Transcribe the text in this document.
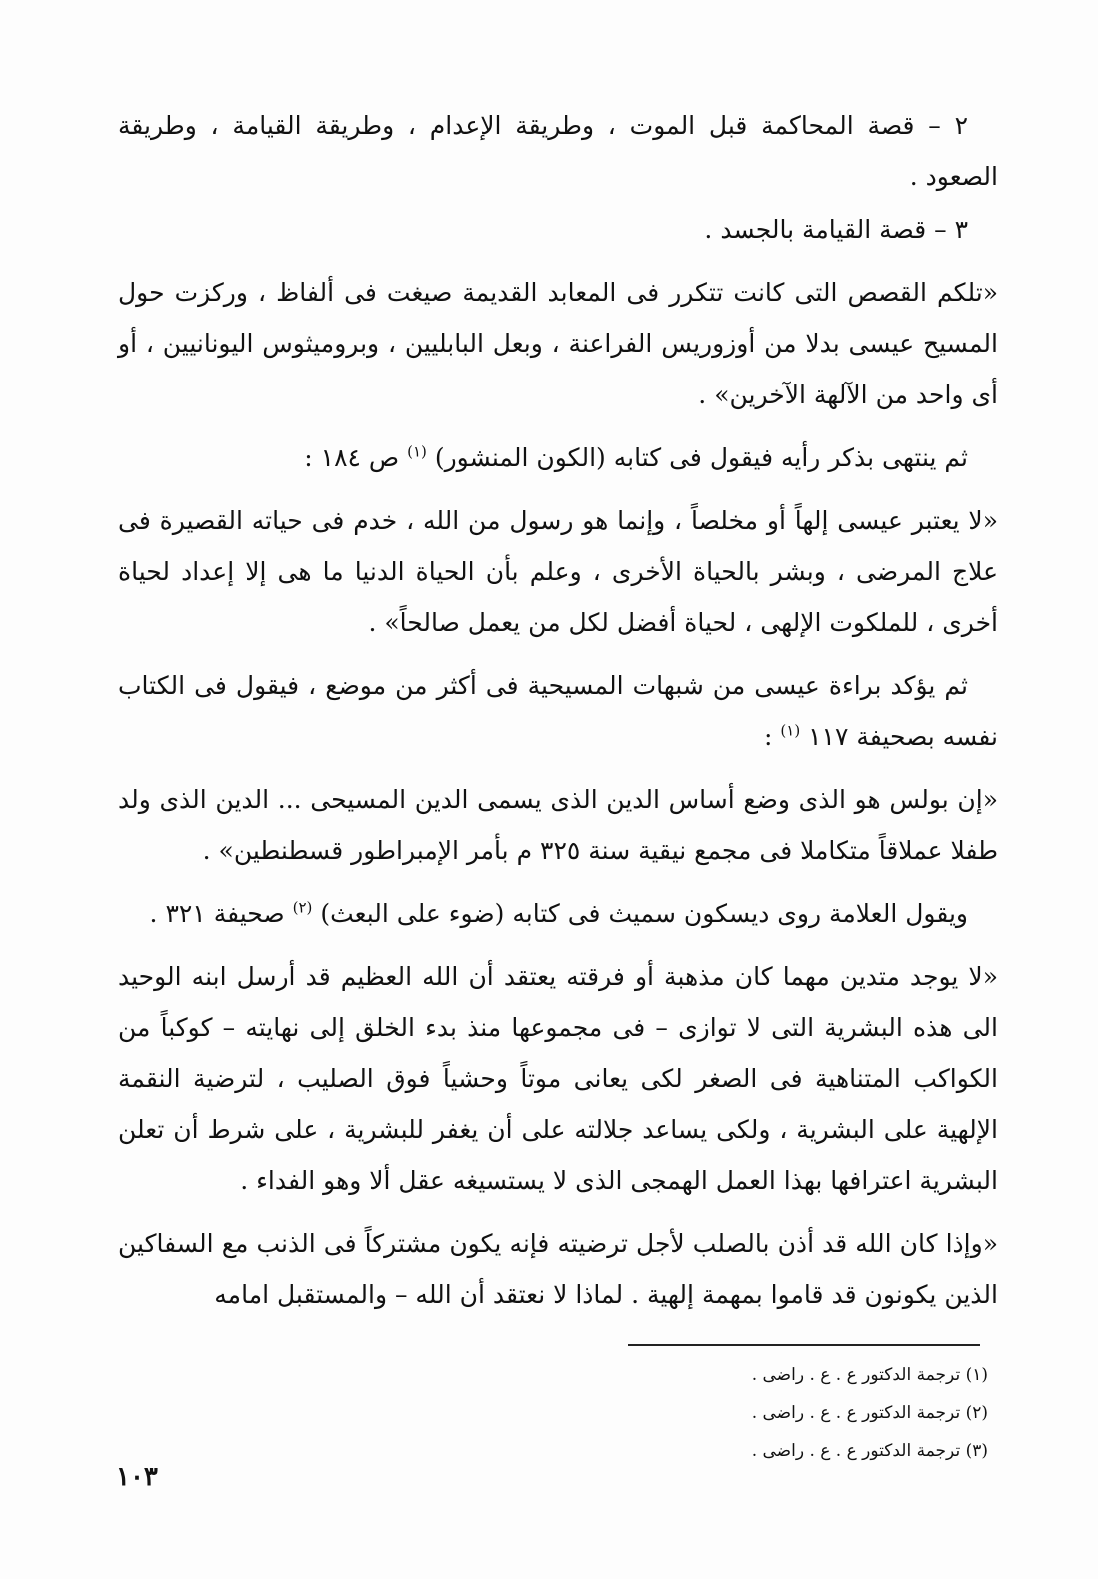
٢ – قصة المحاكمة قبل الموت ، وطريقة الإعدام ، وطريقة القيامة ، وطريقة الصعود .

٣ – قصة القيامة بالجسد .

«تلكم القصص التى كانت تتكرر فى المعابد القديمة صيغت فى ألفاظ ، وركزت حول المسيح عيسى بدلا من أوزوريس الفراعنة ، وبعل البابليين ، وبروميثوس اليونانيين ، أو أى واحد من الآلهة الآخرين» .

ثم ينتهى بذكر رأيه فيقول فى كتابه (الكون المنشور) $^{(١)}$ ص ١٨٤ :

«لا يعتبر عيسى إلهاً أو مخلصاً ، وإنما هو رسول من الله ، خدم فى حياته القصيرة فى علاج المرضى ، وبشر بالحياة الأخرى ، وعلم بأن الحياة الدنيا ما هى إلا إعداد لحياة أخرى ، للملكوت الإلهى ، لحياة أفضل لكل من يعمل صالحاً» .

ثم يؤكد براءة عيسى من شبهات المسيحية فى أكثر من موضع ، فيقول فى الكتاب نفسه بصحيفة ١١٧ $^{(١)}$ :

«إن بولس هو الذى وضع أساس الدين الذى يسمى الدين المسيحى ... الدين الذى ولد طفلا عملاقاً متكاملا فى مجمع نيقية سنة ٣٢٥ م بأمر الإمبراطور قسطنطين» .

ويقول العلامة روى ديسكون سميث فى كتابه (ضوء على البعث) $^{(٢)}$ صحيفة ٣٢١ .

«لا يوجد متدين مهما كان مذهبة أو فرقته يعتقد أن الله العظيم قد أرسل ابنه الوحيد الى هذه البشرية التى لا توازى – فى مجموعها منذ بدء الخلق إلى نهايته – كوكباً من الكواكب المتناهية فى الصغر لكى يعانى موتاً وحشياً فوق الصليب ، لترضية النقمة الإلهية على البشرية ، ولكى يساعد جلالته على أن يغفر للبشرية ، على شرط أن تعلن البشرية اعترافها بهذا العمل الهمجى الذى لا يستسيغه عقل ألا وهو الفداء .

«وإذا كان الله قد أذن بالصلب لأجل ترضيته فإنه يكون مشتركاً فى الذنب مع السفاكين الذين يكونون قد قاموا بمهمة إلهية . لماذا لا نعتقد أن الله – والمستقبل امامه

(١) ترجمة الدكتور ع . ع . راضى .
(٢) ترجمة الدكتور ع . ع . راضى .
(٣) ترجمة الدكتور ع . ع . راضى .
١٠٣
